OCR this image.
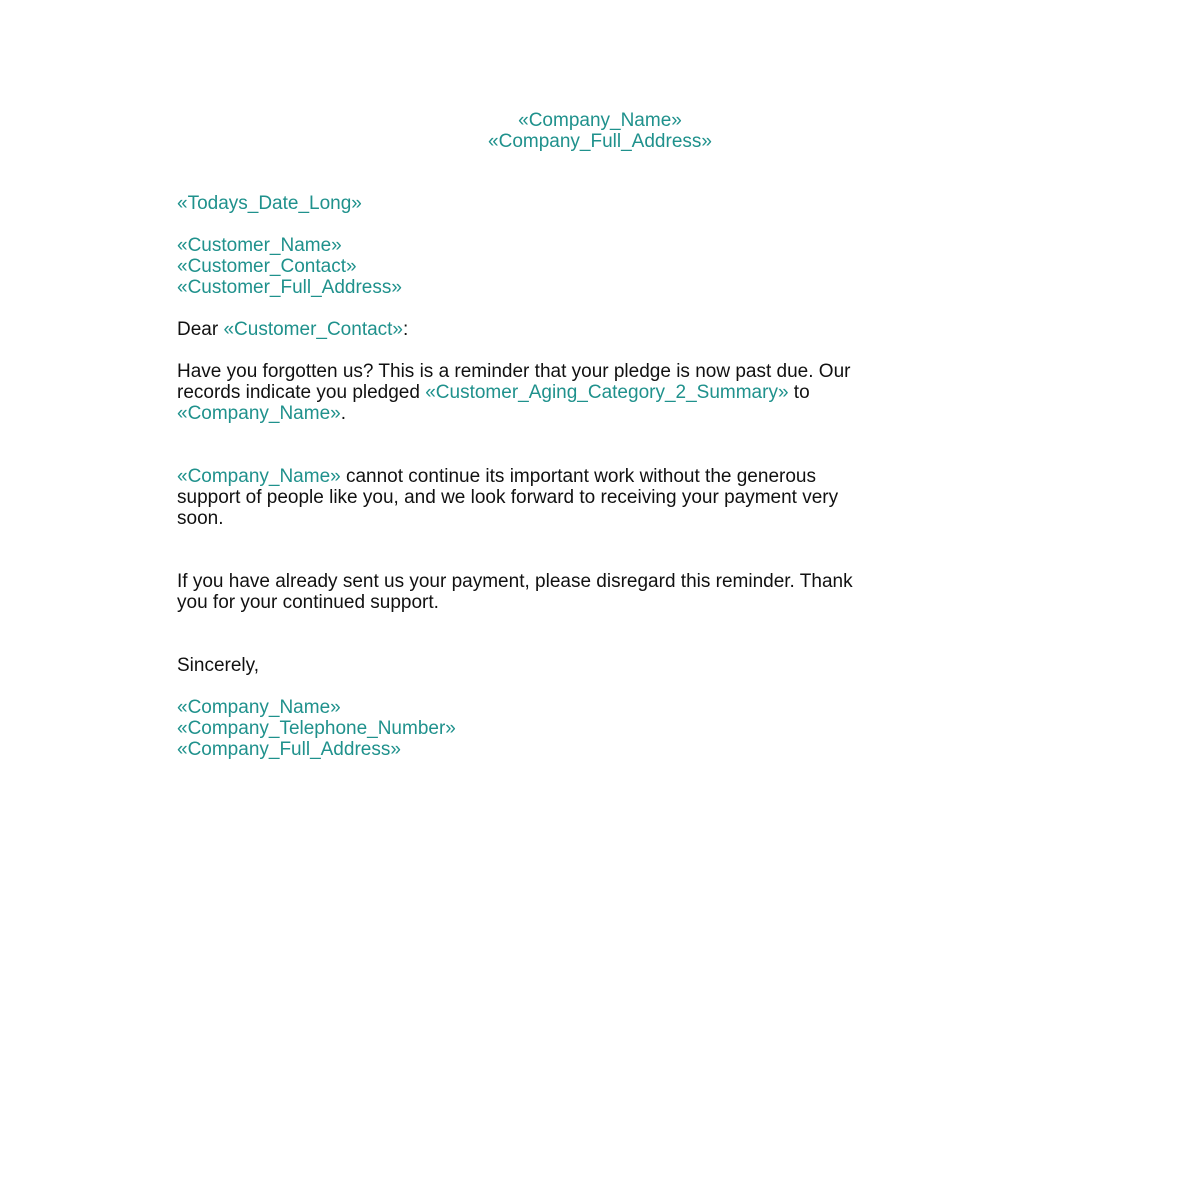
«Company_Name»
«Company_Full_Address»
«Todays_Date_Long»
«Customer_Name»
«Customer_Contact»
«Customer_Full_Address»
Dear «Customer_Contact»:
Have you forgotten us? This is a reminder that your pledge is now past due. Our
records indicate you pledged «Customer_Aging_Category_2_Summary» to
«Company_Name».
«Company_Name» cannot continue its important work without the generous
support of people like you, and we look forward to receiving your payment very
soon.
If you have already sent us your payment, please disregard this reminder. Thank
you for your continued support.
Sincerely,
«Company_Name»
«Company_Telephone_Number»
«Company_Full_Address»
